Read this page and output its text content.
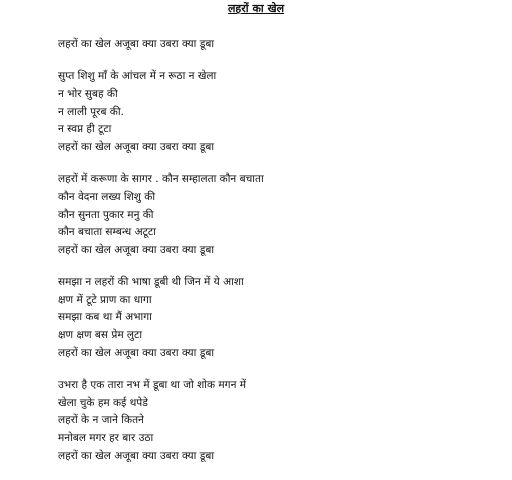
लहरों का खेल
लहरों का खेल अजूबा क्या उबरा क्या डूबा
सुप्त शिशु माँ के आंचल में न रूठा न खेला
न भोर सुबह की
न लाली पूरब की.
न स्वप्न ही टूटा
लहरों का खेल अजूबा क्या उबरा क्या डूबा
लहरों में करूणा के सागर . कौन सम्हालता कौन बचाता
कौन वेदना लख्य शिशु की
कौन सुनता पुकार मनु की
कौन बचाता सम्बन्ध अटूटा
लहरों का खेल अजूबा क्या उबरा क्या डूबा
समझा न लहरों की भाषा डूबी थी जिन में ये आशा
क्षण में टूटे प्राण का धागा
समझा कब था मैं अभागा
क्षण क्षण बस प्रेम लुटा
लहरों का खेल अजूबा क्या उबरा क्या डूबा
उभरा है एक तारा नभ में डूबा था जो शोक मगन में
खेला चुके हम कई थपेडे
लहरों के न जाने कितने
मनोबल मगर हर बार उठा
लहरों का खेल अजूबा क्या उबरा क्या डूबा
